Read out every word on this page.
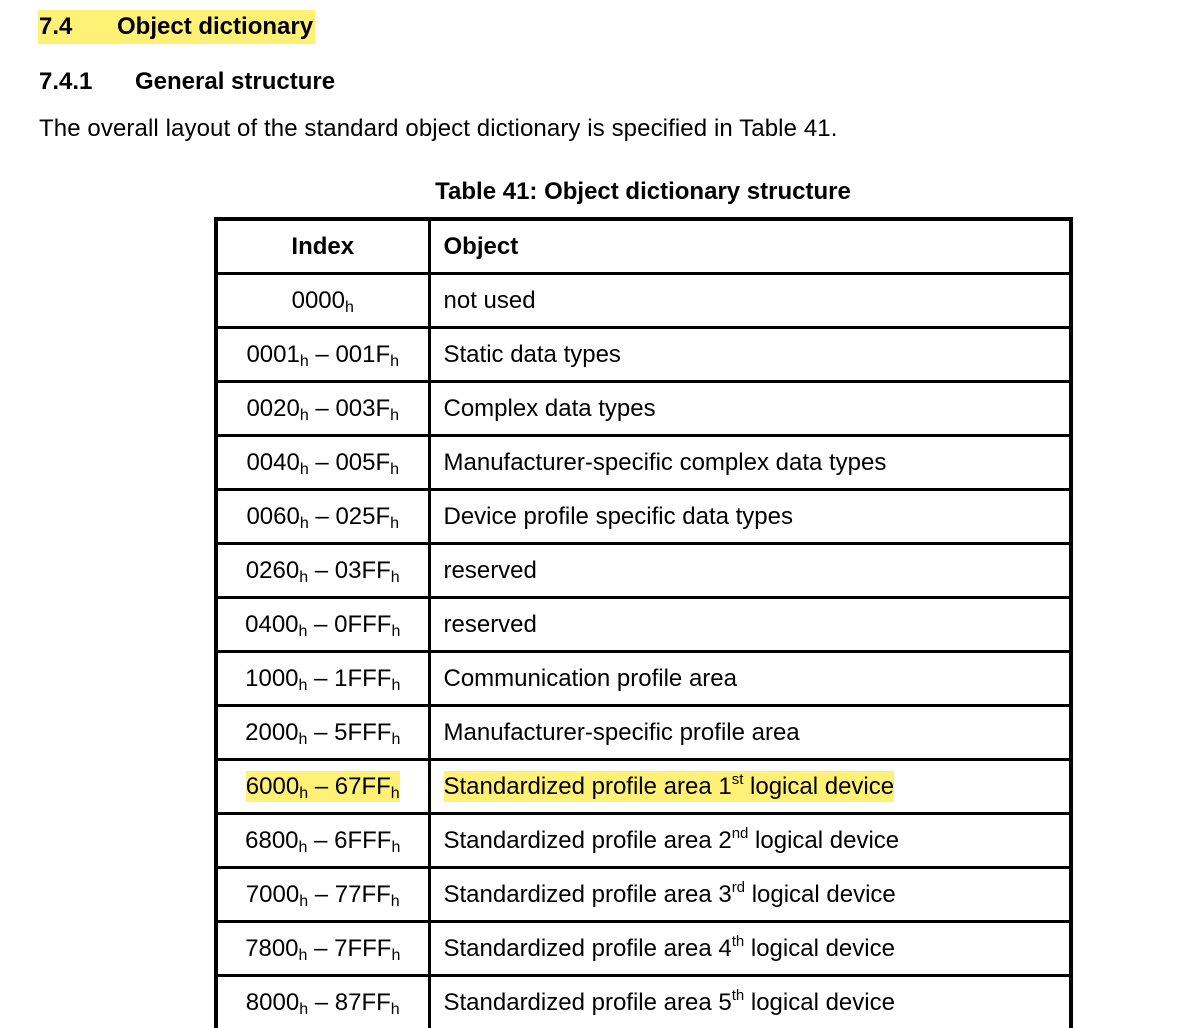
7.4 Object dictionary
7.4.1 General structure
The overall layout of the standard object dictionary is specified in Table 41.
Table 41: Object dictionary structure
Index	Object
$0000_h$	not used
$0001_h - 001F_h$	Static data types
$0020_h - 003F_h$	Complex data types
$0040_h - 005F_h$	Manufacturer-specific complex data types
$0060_h - 025F_h$	Device profile specific data types
$0260_h - 03FF_h$	reserved
$0400_h - 0FFF_h$	reserved
$1000_h - 1FFF_h$	Communication profile area
$2000_h - 5FFF_h$	Manufacturer-specific profile area
$6000_h - 67FF_h$	Standardized profile area 1st logical device
$6800_h - 6FFF_h$	Standardized profile area 2nd logical device
$7000_h - 77FF_h$	Standardized profile area 3rd logical device
$7800_h - 7FFF_h$	Standardized profile area 4th logical device
$8000_h - 87FF_h$	Standardized profile area 5th logical device
